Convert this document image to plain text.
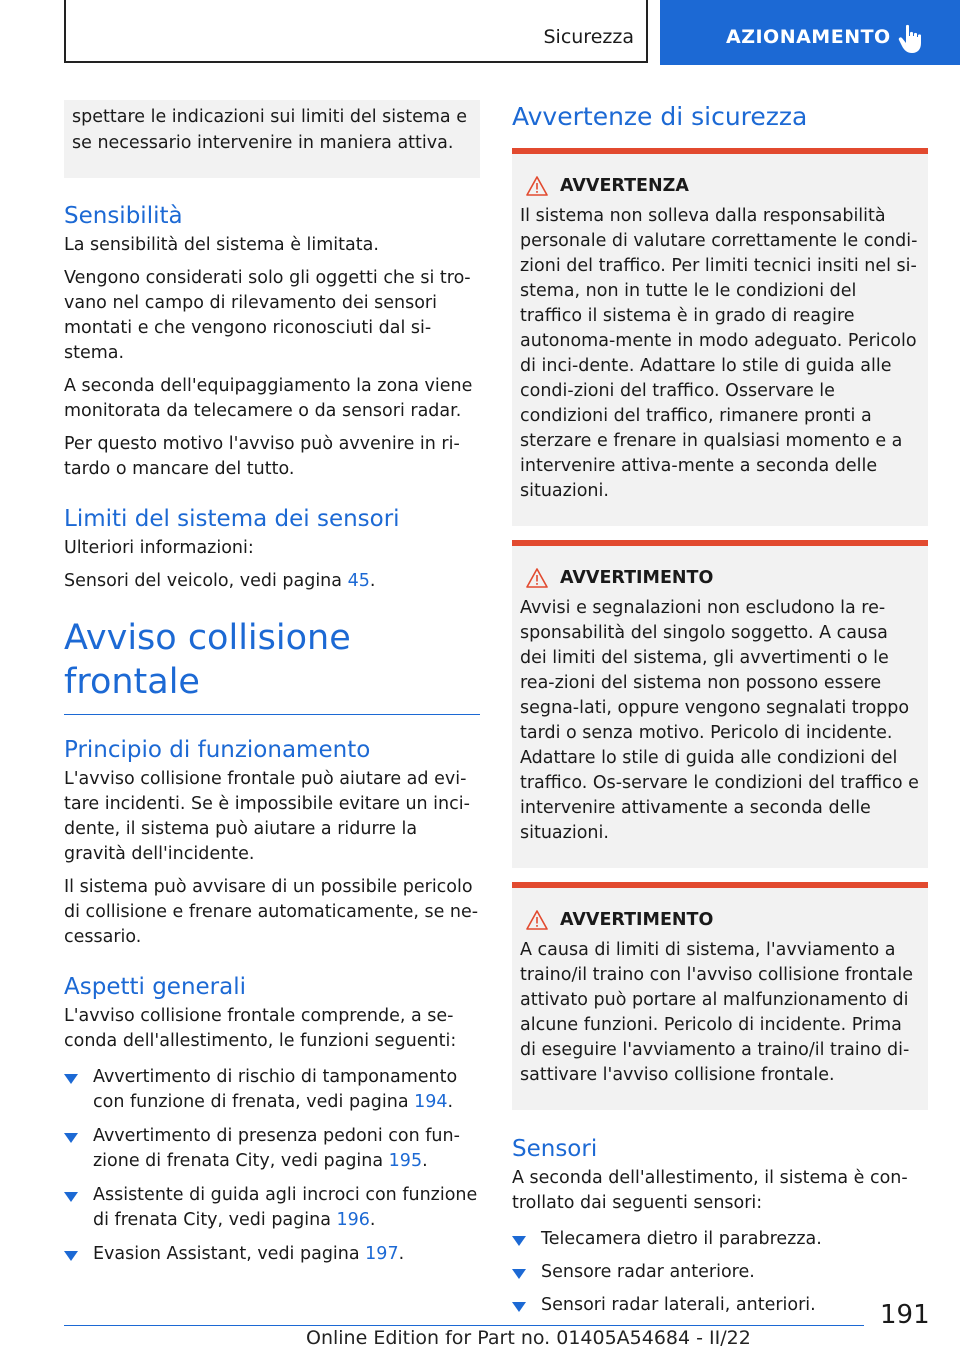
Sicurezza	AZIONAMENTO

spettare le indicazioni sui limiti del sistema e se necessario intervenire in maniera attiva.

Sensibilità

La sensibilità del sistema è limitata.

Vengono considerati solo gli oggetti che si tro‐vano nel campo di rilevamento dei sensori montati e che vengono riconosciuti dal si‐stema.

A seconda dell'equipaggiamento la zona viene monitorata da telecamere o da sensori radar.

Per questo motivo l'avviso può avvenire in ri‐tardo o mancare del tutto.

Limiti del sistema dei sensori

Ulteriori informazioni:

Sensori del veicolo, vedi pagina 45.

Avviso collisione frontale
Principio di funzionamento

L'avviso collisione frontale può aiutare ad evi‐tare incidenti. Se è impossibile evitare un inci‐dente, il sistema può aiutare a ridurre la gravità dell'incidente.

Il sistema può avvisare di un possibile pericolo di collisione e frenare automaticamente, se ne‐cessario.

Aspetti generali

L'avviso collisione frontale comprende, a se‐conda dell'allestimento, le funzioni seguenti:

Avvertimento di rischio di tamponamento con funzione di frenata, vedi pagina 194.
Avvertimento di presenza pedoni con fun‐zione di frenata City, vedi pagina 195.
Assistente di guida agli incroci con funzione di frenata City, vedi pagina 196.
Evasion Assistant, vedi pagina 197.
Avvertenze di sicurezza
AVVERTENZA
Il sistema non solleva dalla responsabilità personale di valutare correttamente le condi‐zioni del traffico. Per limiti tecnici insiti nel si‐stema, non in tutte le le condizioni del traffico il sistema è in grado di reagire autonoma‐mente in modo adeguato. Pericolo di inci‐dente. Adattare lo stile di guida alle condi‐zioni del traffico. Osservare le condizioni del traffico, rimanere pronti a sterzare e frenare in qualsiasi momento e a intervenire attiva‐mente a seconda delle situazioni.
AVVERTIMENTO
Avvisi e segnalazioni non escludono la re‐sponsabilità del singolo soggetto. A causa dei limiti del sistema, gli avvertimenti o le rea‐zioni del sistema non possono essere segna‐lati, oppure vengono segnalati troppo tardi o senza motivo. Pericolo di incidente. Adattare lo stile di guida alle condizioni del traffico. Os‐servare le condizioni del traffico e intervenire attivamente a seconda delle situazioni.
AVVERTIMENTO
A causa di limiti di sistema, l'avviamento a traino/il traino con l'avviso collisione frontale attivato può portare al malfunzionamento di alcune funzioni. Pericolo di incidente. Prima di eseguire l'avviamento a traino/il traino di‐sattivare l'avviso collisione frontale.
Sensori

A seconda dell'allestimento, il sistema è con‐trollato dai seguenti sensori:

Telecamera dietro il parabrezza.
Sensore radar anteriore.
Sensori radar laterali, anteriori.	191
Online Edition for Part no. 01405A54684 - II/22
